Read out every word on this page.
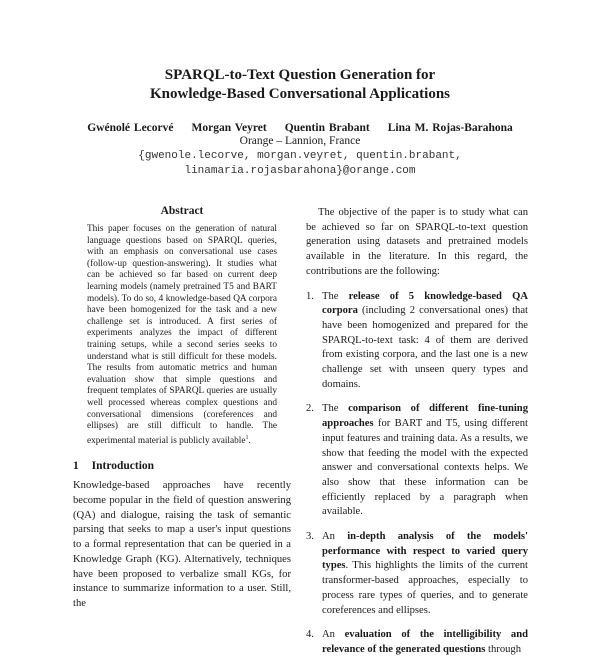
SPARQL-to-Text Question Generation for
Knowledge-Based Conversational Applications
Gwénolé Lecorvé Morgan Veyret Quentin Brabant Lina M. Rojas-Barahona
Orange – Lannion, France
{gwenole.lecorve, morgan.veyret, quentin.brabant,
linamaria.rojasbarahona}@orange.com
Abstract
This paper focuses on the generation of natural language questions based on SPARQL queries, with an emphasis on conversational use cases (follow-up question-answering). It studies what can be achieved so far based on current deep learning models (namely pretrained T5 and BART models). To do so, 4 knowledge-based QA corpora have been homogenized for the task and a new challenge set is introduced. A first series of experiments analyzes the impact of different training setups, while a second series seeks to understand what is still difficult for these models. The results from automatic metrics and human evaluation show that simple questions and frequent templates of SPARQL queries are usually well processed whereas complex questions and conversational dimensions (coreferences and ellipses) are still difficult to handle. The experimental material is publicly available$^1$.
1 Introduction
Knowledge-based approaches have recently become popular in the field of question answering (QA) and dialogue, raising the task of semantic parsing that seeks to map a user's input questions to a formal representation that can be queried in a Knowledge Graph (KG). Alternatively, techniques have been proposed to verbalize small KGs, for instance to summarize information to a user. Still, the
The objective of the paper is to study what can be achieved so far on SPARQL-to-text question generation using datasets and pretrained models available in the literature. In this regard, the contributions are the following:
1. The release of 5 knowledge-based QA corpora (including 2 conversational ones) that have been homogenized and prepared for the SPARQL-to-text task: 4 of them are derived from existing corpora, and the last one is a new challenge set with unseen query types and domains.
2. The comparison of different fine-tuning approaches for BART and T5, using different input features and training data. As a results, we show that feeding the model with the expected answer and conversational contexts helps. We also show that these information can be efficiently replaced by a paragraph when available.
3. An in-depth analysis of the models' performance with respect to varied query types. This highlights the limits of the current transformer-based approaches, especially to process rare types of queries, and to generate coreferences and ellipses.
4. An evaluation of the intelligibility and relevance of the generated questions through
